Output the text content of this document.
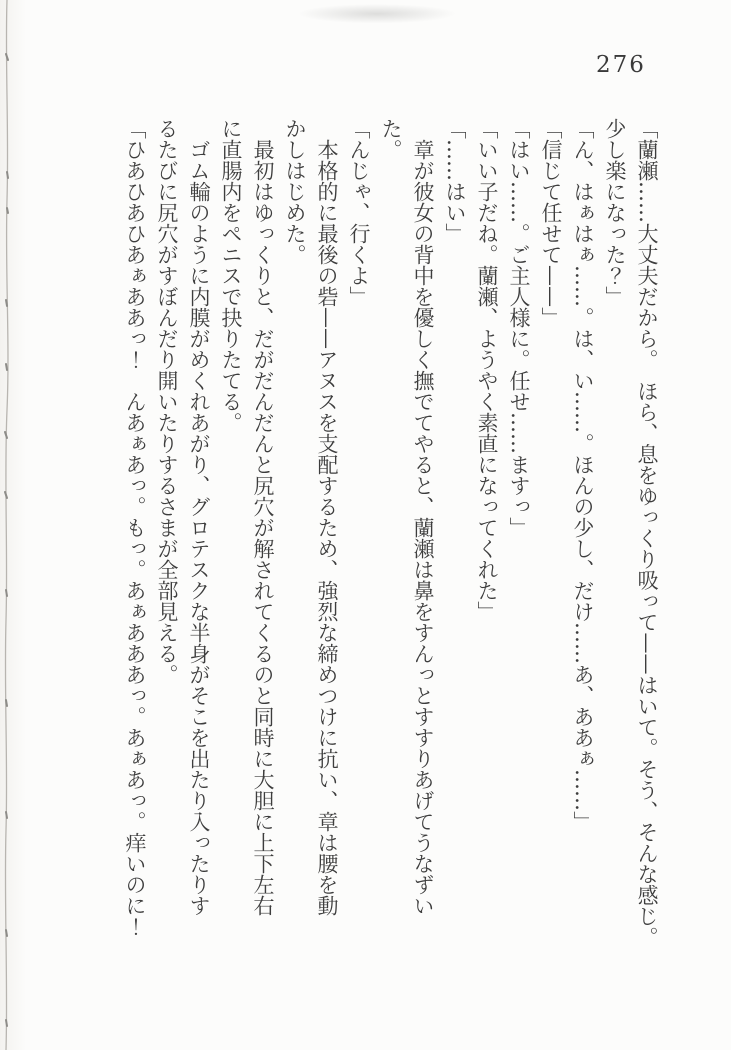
276

「蘭瀬……大丈夫だから。　ほら、息をゆっくり吸って——はいて。そう、そんな感じ。

少し楽になった？」

「ん、はぁはぁ……。は、い……。ほんの少し、だけ……あ、ああぁ……」

「信じて任せて——」

「はい……。ご主人様に。任せ……ますっ」

「いい子だね。蘭瀬、ようやく素直になってくれた」

「……はい」

　章が彼女の背中を優しく撫でてやると、蘭瀬は鼻をすんっとすすりあげてうなずい

た。

「んじゃ、行くよ」

　本格的に最後の砦——アヌスを支配するため、強烈な締めつけに抗い、章は腰を動

かしはじめた。

　最初はゆっくりと、だがだんだんと尻穴が解されてくるのと同時に大胆に上下左右

に直腸内をペニスで抉りたてる。

　ゴム輪のように内膜がめくれあがり、グロテスクな半身がそこを出たり入ったりす

るたびに尻穴がすぼんだり開いたりするさまが全部見える。

「ひあひあひあぁああっ！　んあぁあっ。もっ。あぁあああっ。あぁあっ。痒いのに！
